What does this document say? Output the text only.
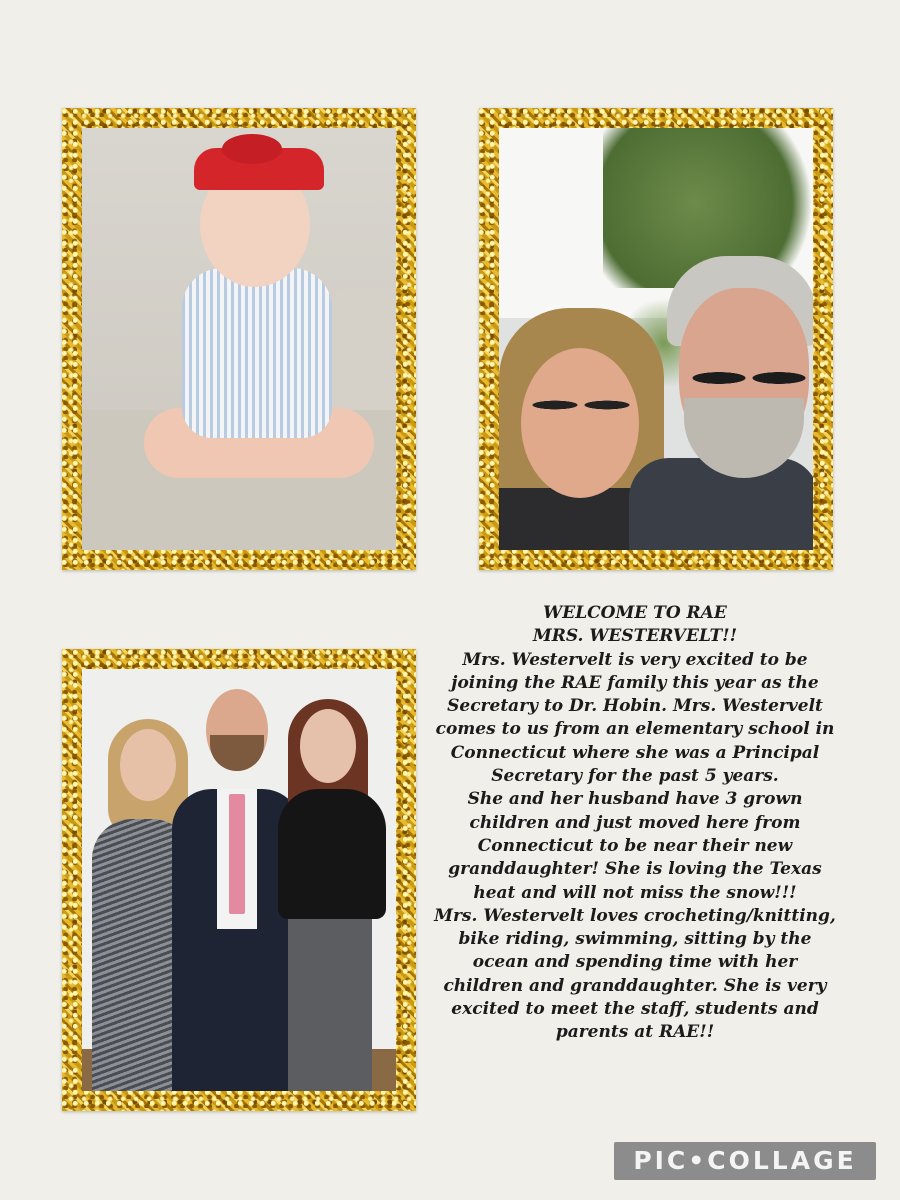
WELCOME TO RAE

MRS. WESTERVELT!!

Mrs. Westervelt is very excited to be joining the RAE family this year as the Secretary to Dr. Hobin. Mrs. Westervelt comes to us from an elementary school in Connecticut where she was a Principal Secretary for the past 5 years.

She and her husband have 3 grown children and just moved here from Connecticut to be near their new granddaughter! She is loving the Texas heat and will not miss the snow!!!

Mrs. Westervelt loves crocheting/knitting, bike riding, swimming, sitting by the ocean and spending time with her children and granddaughter. She is very excited to meet the staff, students and parents at RAE!!

PIC•COLLAGE
